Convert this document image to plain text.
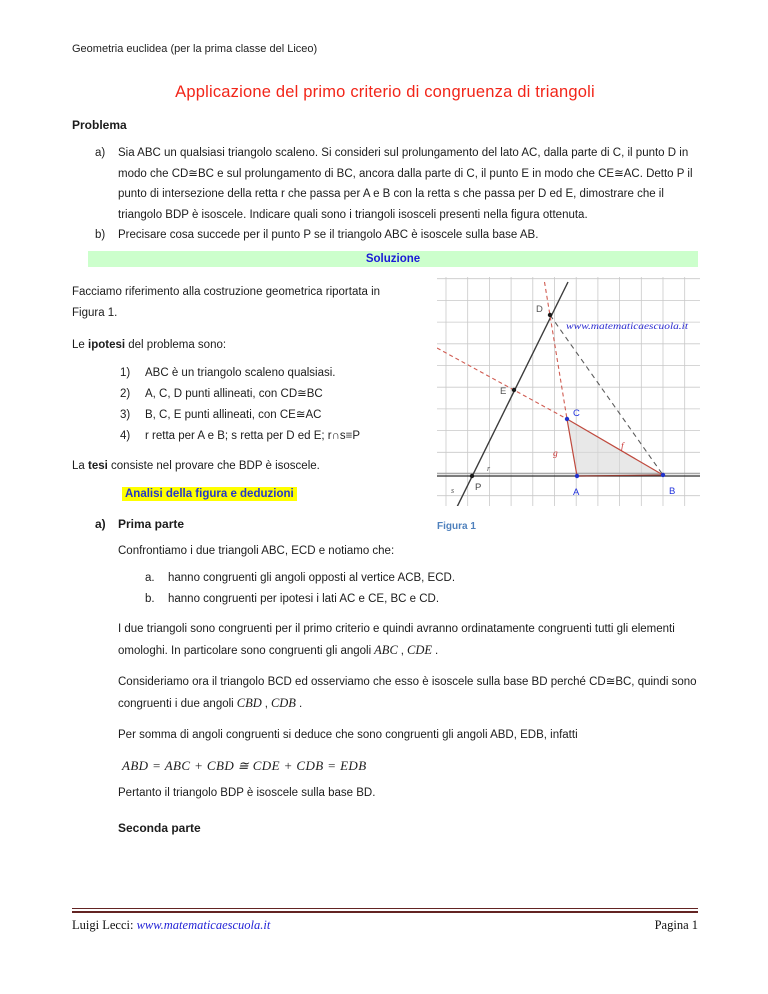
Geometria euclidea (per la prima classe del Liceo)
Applicazione del primo criterio di congruenza di triangoli
Problema
a)	Sia ABC un qualsiasi triangolo scaleno. Si consideri sul prolungamento del lato AC, dalla parte di C, il punto D in modo che CD≅BC e sul prolungamento di BC, ancora dalla parte di C, il punto E in modo che CE≅AC. Detto P il punto di intersezione della retta r che passa per A e B con la retta s che passa per D ed E, dimostrare che il triangolo BDP è isoscele. Indicare quali sono i triangoli isosceli presenti nella figura ottenuta.
b)	Precisare cosa succede per il punto P se il triangolo ABC è isoscele sulla base AB.
Soluzione
Facciamo riferimento alla costruzione geometrica riportata in Figura 1.
Le ipotesi del problema sono:
1)	ABC è un triangolo scaleno qualsiasi.
2)	A, C, D punti allineati, con CD≅BC
3)	B, C, E punti allineati, con CE≅AC
4)	r retta per A e B; s retta per D ed E; r∩s≡P
La tesi consiste nel provare che BDP è isoscele.
Analisi della figura e deduzioni
a)	Prima parte
Confrontiamo i due triangoli ABC, ECD e notiamo che:
www.matematicaescuola.it
g
f
r
s
D
E
C
P	A	B
Figura 1
a.	hanno congruenti gli angoli opposti al vertice ACB, ECD.
b.	hanno congruenti per ipotesi i lati AC e CE, BC e CD.
I due triangoli sono congruenti per il primo criterio e quindi avranno ordinatamente congruenti tutti gli elementi omologhi. In particolare sono congruenti gli angoli ABC , CDE .
Consideriamo ora il triangolo BCD ed osserviamo che esso è isoscele sulla base BD perché CD≅BC, quindi sono congruenti i due angoli CBD , CDB .
Per somma di angoli congruenti si deduce che sono congruenti gli angoli ABD, EDB, infatti
ABD = ABC + CBD ≅ CDE + CDB = EDB
Pertanto il triangolo BDP è isoscele sulla base BD.
Seconda parte
Luigi Lecci: www.matematicaescuola.it	Pagina 1
